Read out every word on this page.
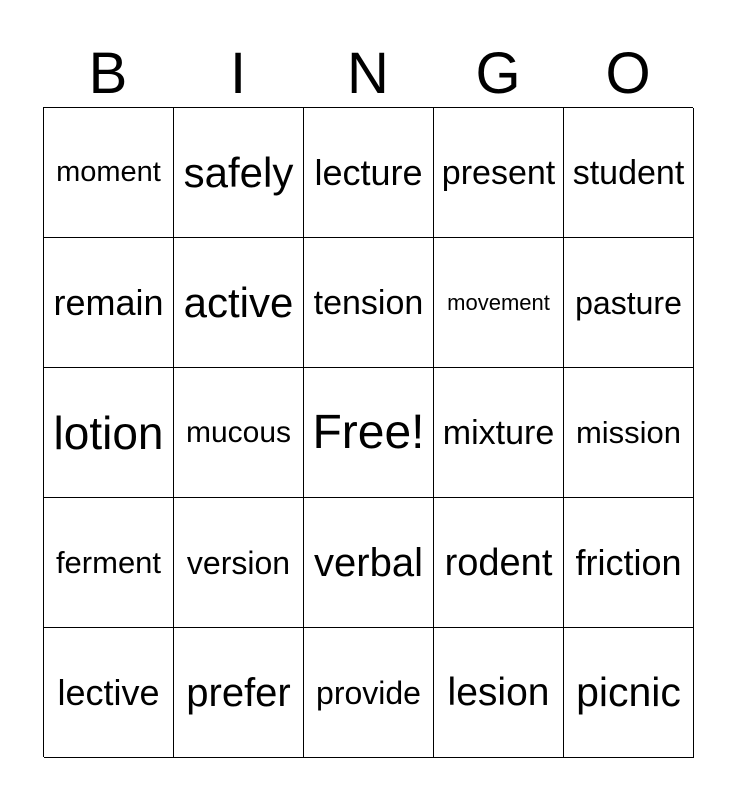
B	I	N	G	O
moment safely lecture present student
remain active tension movement pasture
lotion mucous Free! mixture mission
ferment version verbal rodent friction
lective prefer provide lesion picnic
